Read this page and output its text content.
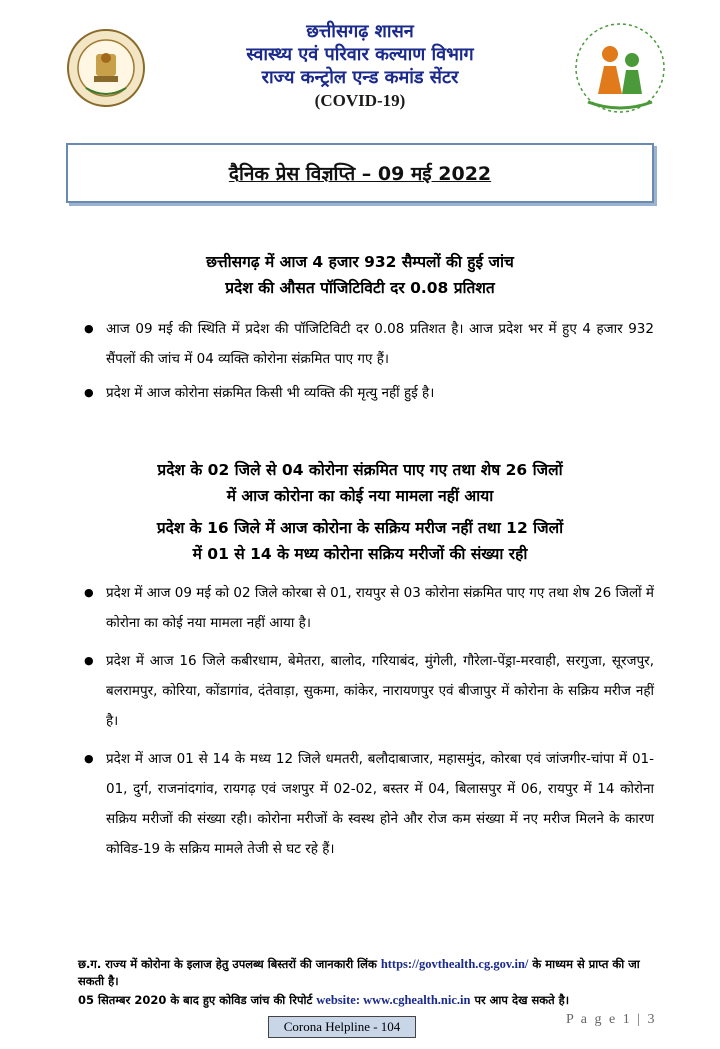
छत्तीसगढ़ शासन
स्वास्थ्य एवं परिवार कल्याण विभाग
राज्य कन्ट्रोल एन्ड कमांड सेंटर
(COVID-19)
दैनिक प्रेस विज्ञप्ति – 09 मई 2022
छत्तीसगढ़ में आज 4 हजार 932 सैम्पलों की हुई जांच
प्रदेश की औसत पॉजिटिविटी दर 0.08 प्रतिशत
● आज 09 मई की स्थिति में प्रदेश की पॉजिटिविटी दर 0.08 प्रतिशत है। आज प्रदेश भर में हुए 4 हजार 932 सैंपलों की जांच में 04 व्यक्ति कोरोना संक्रमित पाए गए हैं।
● प्रदेश में आज कोरोना संक्रमित किसी भी व्यक्ति की मृत्यु नहीं हुई है।
प्रदेश के 02 जिले से 04 कोरोना संक्रमित पाए गए तथा शेष 26 जिलों
में आज कोरोना का कोई नया मामला नहीं आया
प्रदेश के 16 जिले में आज कोरोना के सक्रिय मरीज नहीं तथा 12 जिलों
में 01 से 14 के मध्य कोरोना सक्रिय मरीजों की संख्या रही
● प्रदेश में आज 09 मई को 02 जिले कोरबा से 01, रायपुर से 03 कोरोना संक्रमित पाए गए तथा शेष 26 जिलों में कोरोना का कोई नया मामला नहीं आया है।
● प्रदेश में आज 16 जिले कबीरधाम, बेमेतरा, बालोद, गरियाबंद, मुंगेली, गौरेला-पेंड्रा-मरवाही, सरगुजा, सूरजपुर, बलरामपुर, कोरिया, कोंडागांव, दंतेवाड़ा, सुकमा, कांकेर, नारायणपुर एवं बीजापुर में कोरोना के सक्रिय मरीज नहीं है।
● प्रदेश में आज 01 से 14 के मध्य 12 जिले धमतरी, बलौदाबाजार, महासमुंद, कोरबा एवं जांजगीर-चांपा में 01-01, दुर्ग, राजनांदगांव, रायगढ़ एवं जशपुर में 02-02, बस्तर में 04, बिलासपुर में 06, रायपुर में 14 कोरोना सक्रिय मरीजों की संख्या रही। कोरोना मरीजों के स्वस्थ होने और रोज कम संख्या में नए मरीज मिलने के कारण कोविड-19 के सक्रिय मामले तेजी से घट रहे हैं।
छ.ग. राज्य में कोरोना के इलाज हेतु उपलब्ध बिस्तरों की जानकारी लिंक https://govthealth.cg.gov.in/ के माध्यम से प्राप्त की जा सकती है।
05 सितम्बर 2020 के बाद हुए कोविड जांच की रिपोर्ट website: www.cghealth.nic.in पर आप देख सकते है।
Corona Helpline - 104	P a g e 1 | 3
